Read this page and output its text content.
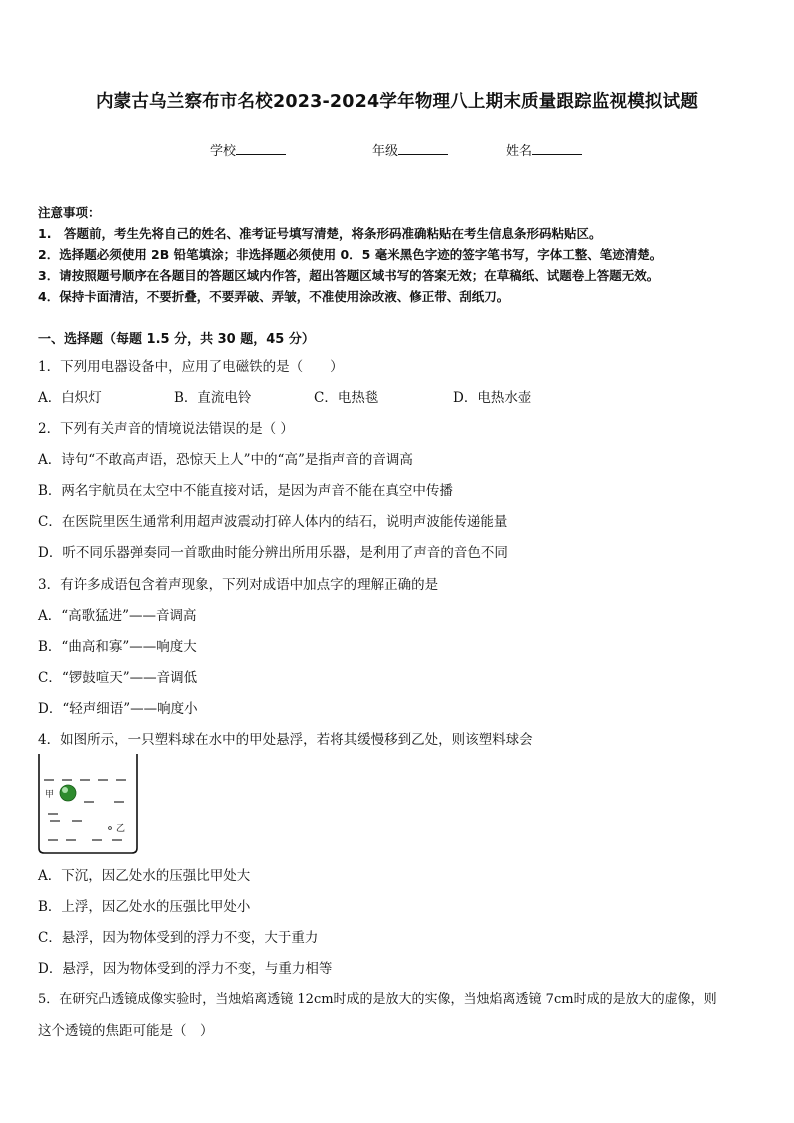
内蒙古乌兰察布市名校2023-2024学年物理八上期末质量跟踪监视模拟试题
学校	年级	姓名
注意事项：
1.　答题前，考生先将自己的姓名、准考证号填写清楚，将条形码准确粘贴在考生信息条形码粘贴区。
2．选择题必须使用 2B 铅笔填涂；非选择题必须使用 0．5 毫米黑色字迹的签字笔书写，字体工整、笔迹清楚。
3．请按照题号顺序在各题目的答题区域内作答，超出答题区域书写的答案无效；在草稿纸、试题卷上答题无效。
4．保持卡面清洁，不要折叠，不要弄破、弄皱，不准使用涂改液、修正带、刮纸刀。
一、选择题（每题 1.5 分，共 30 题，45 分）
1．下列用电器设备中，应用了电磁铁的是（　　）
A．白炽灯	B．直流电铃	C．电热毯	D．电热水壶
2．下列有关声音的情境说法错误的是（ ）
A．诗句“不敢高声语，恐惊天上人”中的“高”是指声音的音调高
B．两名宇航员在太空中不能直接对话，是因为声音不能在真空中传播
C．在医院里医生通常利用超声波震动打碎人体内的结石，说明声波能传递能量
D．听不同乐器弹奏同一首歌曲时能分辨出所用乐器，是利用了声音的音色不同
3．有许多成语包含着声现象，下列对成语中加点字的理解正确的是
A．“高歌猛进”——音调高
B．“曲高和寡”——响度大
C．“锣鼓喧天”——音调低
D．“轻声细语”——响度小
4．如图所示，一只塑料球在水中的甲处悬浮，若将其缓慢移到乙处，则该塑料球会
甲
乙
A．下沉，因乙处水的压强比甲处大
B．上浮，因乙处水的压强比甲处小
C．悬浮，因为物体受到的浮力不变，大于重力
D．悬浮，因为物体受到的浮力不变，与重力相等
5．在研究凸透镜成像实验时，当烛焰离透镜 12cm时成的是放大的实像，当烛焰离透镜 7cm时成的是放大的虚像，则
这个透镜的焦距可能是（　）
